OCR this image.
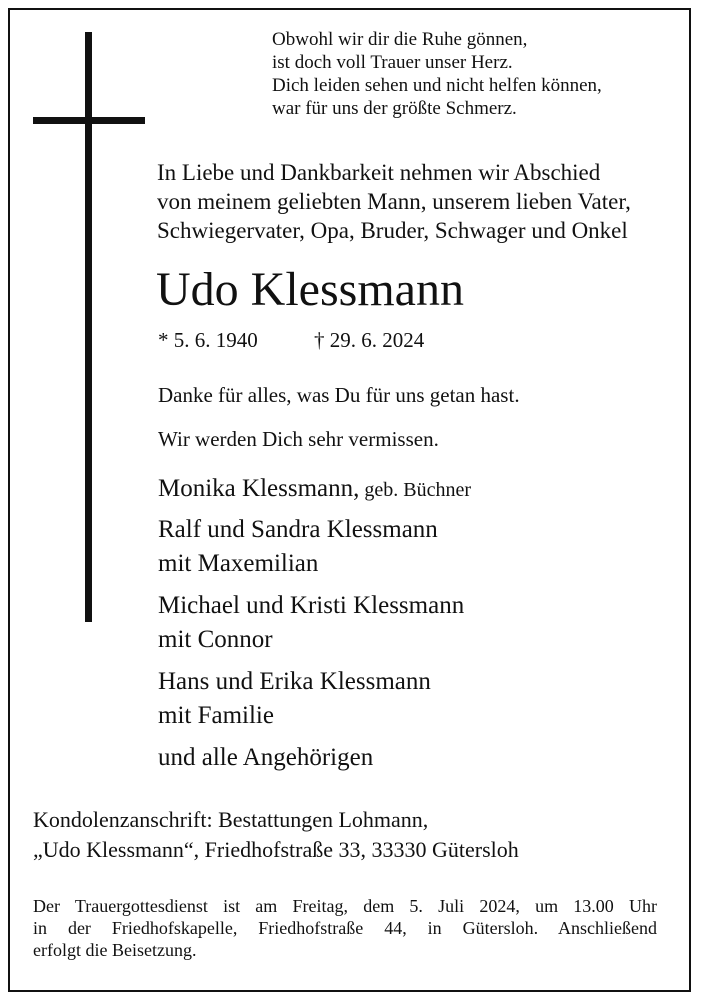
Obwohl wir dir die Ruhe gönnen,
ist doch voll Trauer unser Herz.
Dich leiden sehen und nicht helfen können,
war für uns der größte Schmerz.
In Liebe und Dankbarkeit nehmen wir Abschied
von meinem geliebten Mann, unserem lieben Vater,
Schwiegervater, Opa, Bruder, Schwager und Onkel
Udo Klessmann
* 5. 6. 1940	† 29. 6. 2024
Danke für alles, was Du für uns getan hast.
Wir werden Dich sehr vermissen.
Monika Klessmann, geb. Büchner
Ralf und Sandra Klessmann
mit Maxemilian
Michael und Kristi Klessmann
mit Connor
Hans und Erika Klessmann
mit Familie
und alle Angehörigen
Kondolenzanschrift: Bestattungen Lohmann,
„Udo Klessmann“, Friedhofstraße 33, 33330 Gütersloh
Der Trauergottesdienst ist am Freitag, dem 5. Juli 2024, um 13.00 Uhr
in der Friedhofskapelle, Friedhofstraße 44, in Gütersloh. Anschließend
erfolgt die Beisetzung.
